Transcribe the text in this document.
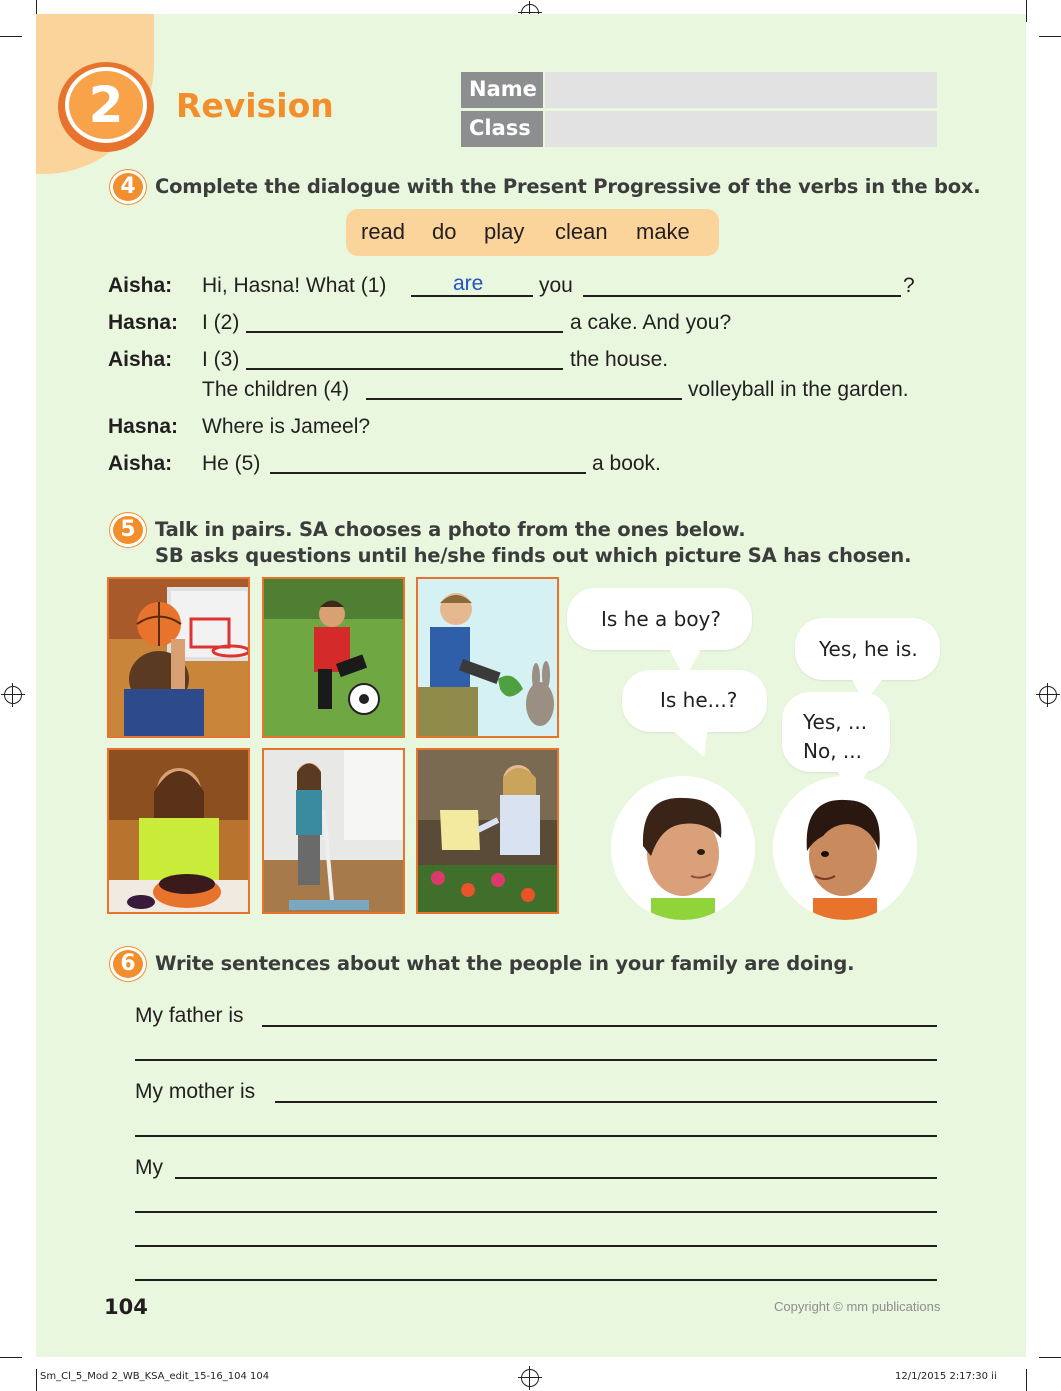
2	Revision	Name
Class
4 Complete the dialogue with the Present Progressive of the verbs in the box.
read do play clean make
Aisha: Hi, Hasna! What (1)	are	you	?
Hasna: I (2)	a cake. And you?
Aisha: I (3)	the house.
The children (4)	volleyball in the garden.
Hasna: Where is Jameel?
Aisha: He (5)	a book.
5 Talk in pairs. SA chooses a photo from the ones below.
SB asks questions until he/she finds out which picture SA has chosen.
Is he a boy?
Yes, he is.
Is he...?
Yes, ...
No, ...
6 Write sentences about what the people in your family are doing.
My father is
My mother is
My
104	Copyright © mm publications
Sm_Cl_5_Mod 2_WB_KSA_edit_15-16_104 104	12/1/2015 2:17:30 ii
